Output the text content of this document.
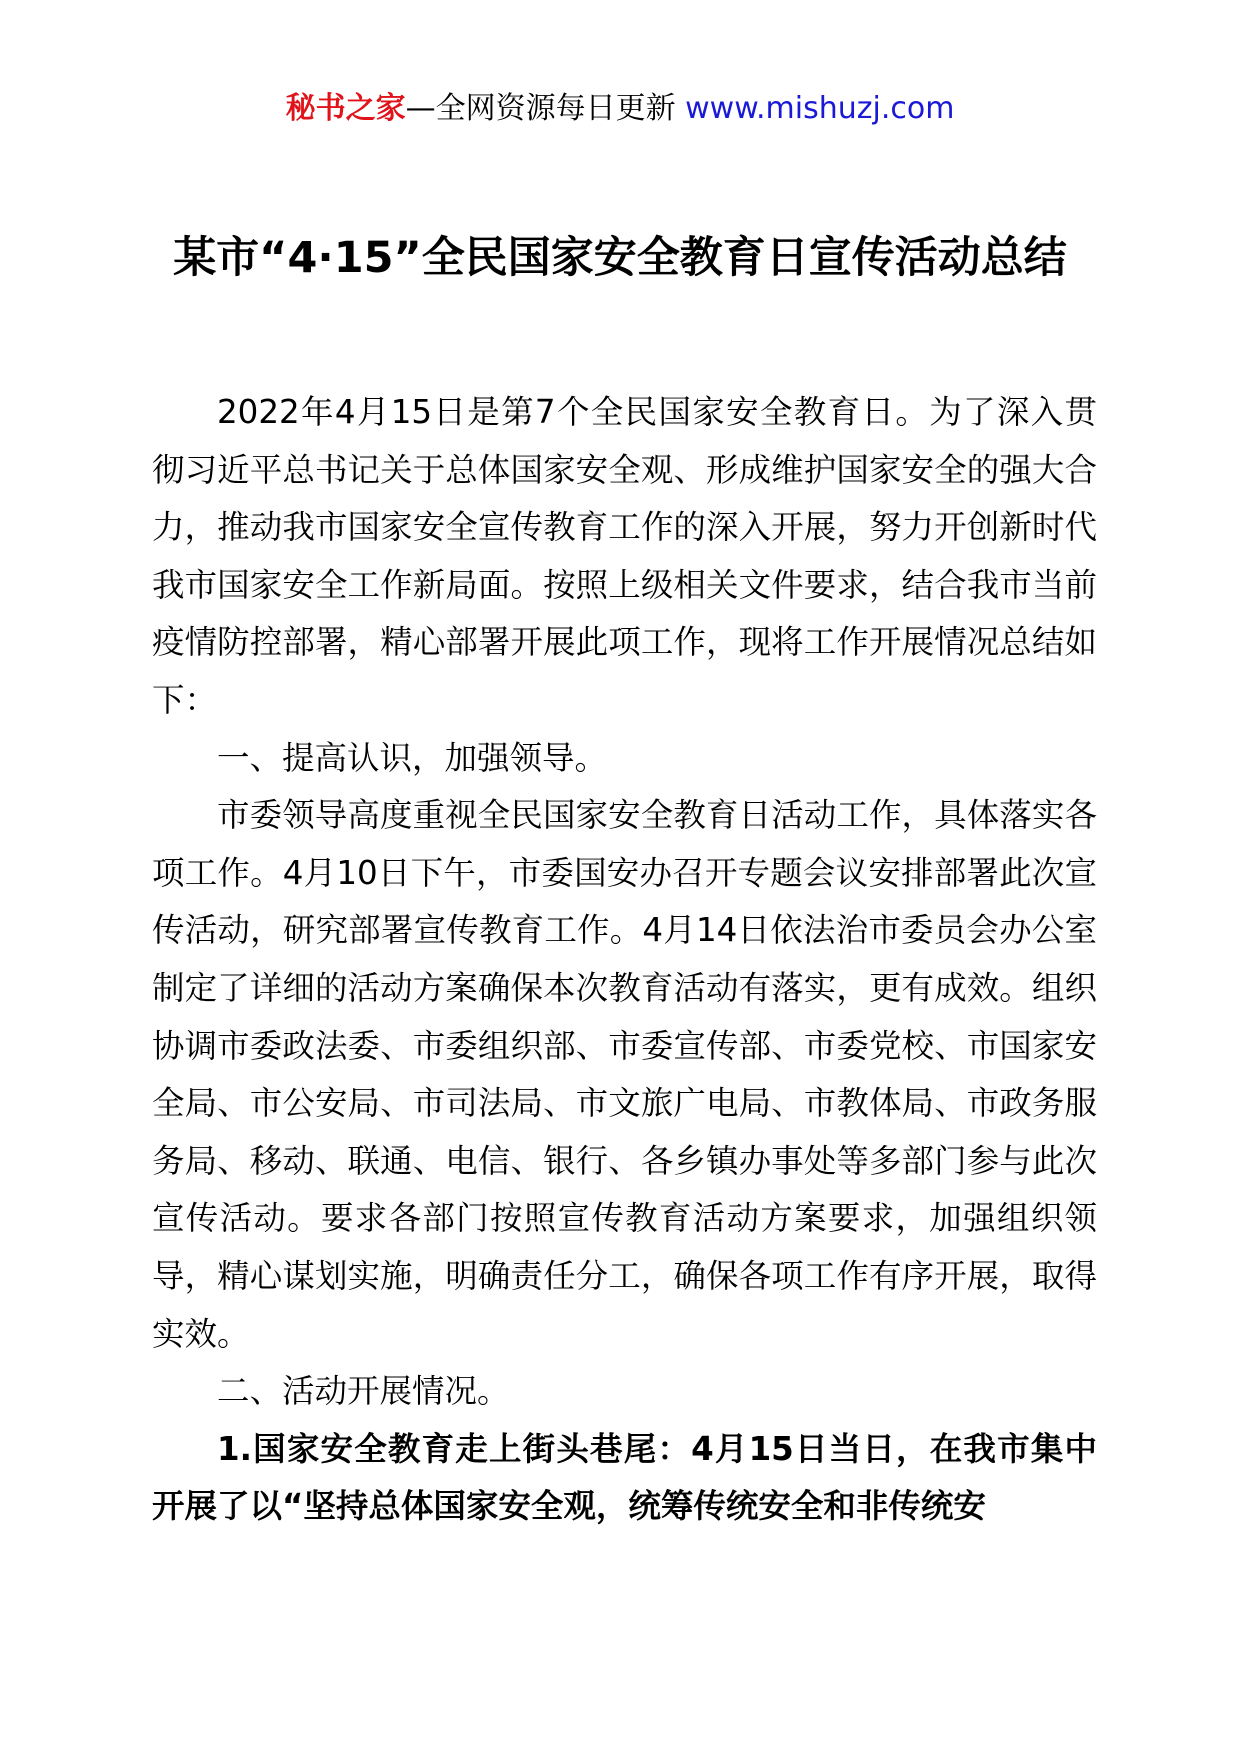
秘书之家—全网资源每日更新 www.mishuzj.com
某市“4·15”全民国家安全教育日宣传活动总结

2022年4月15日是第7个全民国家安全教育日。为了深入贯彻习近平总书记关于总体国家安全观、形成维护国家安全的强大合力，推动我市国家安全宣传教育工作的深入开展，努力开创新时代我市国家安全工作新局面。按照上级相关文件要求，结合我市当前疫情防控部署，精心部署开展此项工作，现将工作开展情况总结如下：

一、提高认识，加强领导。

市委领导高度重视全民国家安全教育日活动工作，具体落实各项工作。4月10日下午，市委国安办召开专题会议安排部署此次宣传活动，研究部署宣传教育工作。4月14日依法治市委员会办公室制定了详细的活动方案确保本次教育活动有落实，更有成效。组织协调市委政法委、市委组织部、市委宣传部、市委党校、市国家安全局、市公安局、市司法局、市文旅广电局、市教体局、市政务服务局、移动、联通、电信、银行、各乡镇办事处等多部门参与此次宣传活动。要求各部门按照宣传教育活动方案要求，加强组织领导，精心谋划实施，明确责任分工，确保各项工作有序开展，取得实效。

二、活动开展情况。

1.国家安全教育走上街头巷尾：4月15日当日，在我市集中开展了以“坚持总体国家安全观，统筹传统安全和非传统安
